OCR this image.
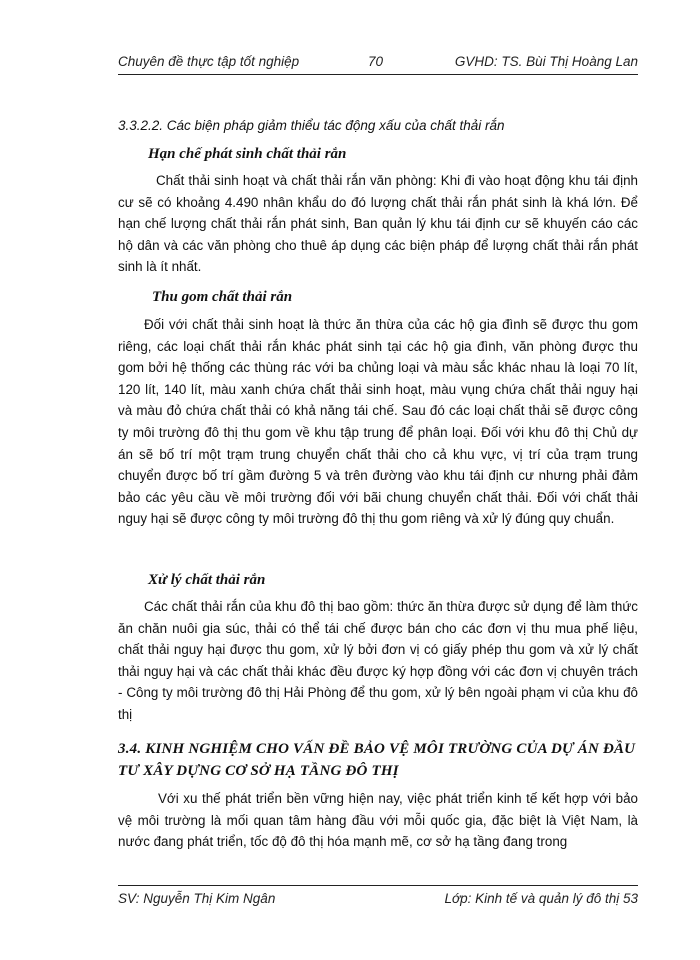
Chuyên đề thực tập tốt nghiệp	70	GVHD: TS. Bùi Thị Hoàng Lan
3.3.2.2. Các biện pháp giảm thiểu tác động xấu của chất thải rắn
Hạn chế phát sinh chất thải rắn

Chất thải sinh hoạt và chất thải rắn văn phòng: Khi đi vào hoạt động khu tái định cư sẽ có khoảng 4.490 nhân khẩu do đó lượng chất thải rắn phát sinh là khá lớn. Để hạn chế lượng chất thải rắn phát sinh, Ban quản lý khu tái định cư sẽ khuyến cáo các hộ dân và các văn phòng cho thuê áp dụng các biện pháp để lượng chất thải rắn phát sinh là ít nhất.

Thu gom chất thải rắn

Đối với chất thải sinh hoạt là thức ăn thừa của các hộ gia đình sẽ được thu gom riêng, các loại chất thải rắn khác phát sinh tại các hộ gia đình, văn phòng được thu gom bởi hệ thống các thùng rác với ba chủng loại và màu sắc khác nhau là loại 70 lít, 120 lít, 140 lít, màu xanh chứa chất thải sinh hoạt, màu vụng chứa chất thải nguy hại và màu đỏ chứa chất thải có khả năng tái chế. Sau đó các loại chất thải sẽ được công ty môi trường đô thị thu gom về khu tập trung để phân loại. Đối với khu đô thị Chủ dự án sẽ bố trí một trạm trung chuyển chất thải cho cả khu vực, vị trí của trạm trung chuyển được bố trí gầm đường 5 và trên đường vào khu tái định cư nhưng phải đảm bảo các yêu cầu về môi trường đối với bãi chung chuyển chất thải. Đối với chất thải nguy hại sẽ được công ty môi trường đô thị thu gom riêng và xử lý đúng quy chuẩn.

Xử lý chất thải rắn

Các chất thải rắn của khu đô thị bao gồm: thức ăn thừa được sử dụng để làm thức ăn chăn nuôi gia súc, thải có thể tái chế được bán cho các đơn vị thu mua phế liệu, chất thải nguy hại được thu gom, xử lý bởi đơn vị có giấy phép thu gom và xử lý chất thải nguy hại và các chất thải khác đều được ký hợp đồng với các đơn vị chuyên trách - Công ty môi trường đô thị Hải Phòng để thu gom, xử lý bên ngoài phạm vi của khu đô thị

3.4. KINH NGHIỆM CHO VẤN ĐỀ BẢO VỆ MÔI TRƯỜNG CỦA DỰ ÁN ĐẦU TƯ XÂY DỰNG CƠ SỞ HẠ TẦNG ĐÔ THỊ

Với xu thế phát triển bền vững hiện nay, việc phát triển kinh tế kết hợp với bảo vệ môi trường là mối quan tâm hàng đầu với mỗi quốc gia, đặc biệt là Việt Nam, là nước đang phát triển, tốc độ đô thị hóa mạnh mẽ, cơ sở hạ tầng đang trong

SV: Nguyễn Thị Kim Ngân	Lớp: Kinh tế và quản lý đô thị 53
